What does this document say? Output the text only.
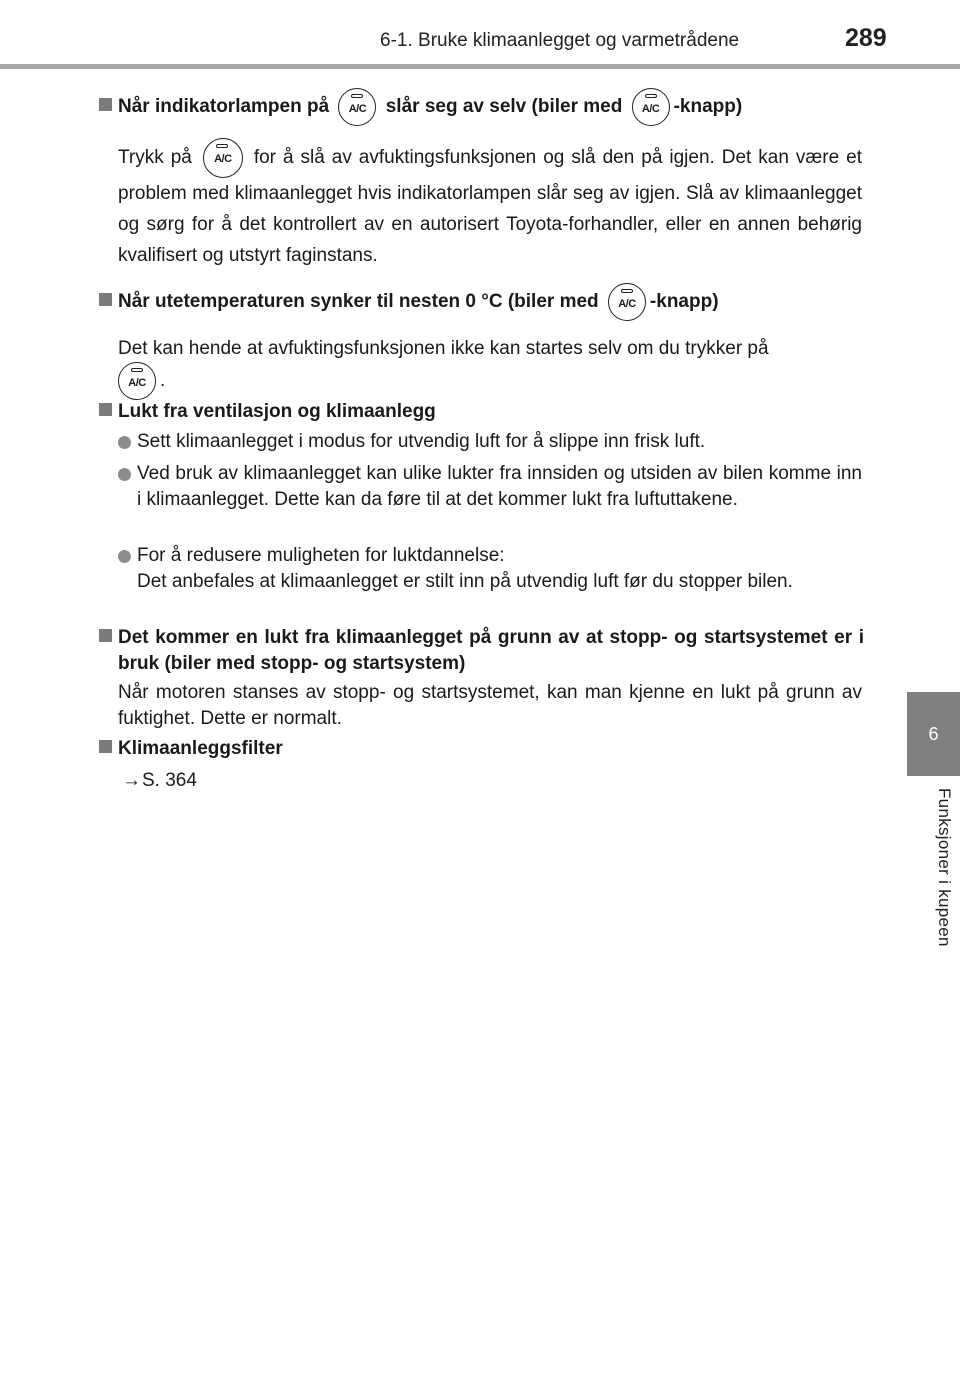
6-1. Bruke klimaanlegget og varmetrådene	289
6
Funksjoner i kupeen
Når indikatorlampen på	A/C	slår seg av selv (biler med	A/C -knapp)
Trykk på	A/C	for å slå av avfuktingsfunksjonen og slå den på igjen. Det kan være et problem med klimaanlegget hvis indikatorlampen slår seg av igjen. Slå av klimaanlegget og sørg for å det kontrollert av en autorisert Toyota-forhandler, eller en annen behørig kvalifisert og utstyrt faginstans.
Når utetemperaturen synker til nesten 0 °C (biler med	A/C -knapp)
Det kan hende at avfuktingsfunksjonen ikke kan startes selv om du trykker på

A/C .
Lukt fra ventilasjon og klimaanlegg
Sett klimaanlegget i modus for utvendig luft for å slippe inn frisk luft.
Ved bruk av klimaanlegget kan ulike lukter fra innsiden og utsiden av bilen komme inn i klimaanlegget. Dette kan da føre til at det kommer lukt fra luftuttakene.
For å redusere muligheten for luktdannelse:
Det anbefales at klimaanlegget er stilt inn på utvendig luft før du stopper bilen.
Det kommer en lukt fra klimaanlegget på grunn av at stopp- og startsystemet er i bruk (biler med stopp- og startsystem)
Når motoren stanses av stopp- og startsystemet, kan man kjenne en lukt på grunn av fuktighet. Dette er normalt.
Klimaanleggsfilter
→S. 364
